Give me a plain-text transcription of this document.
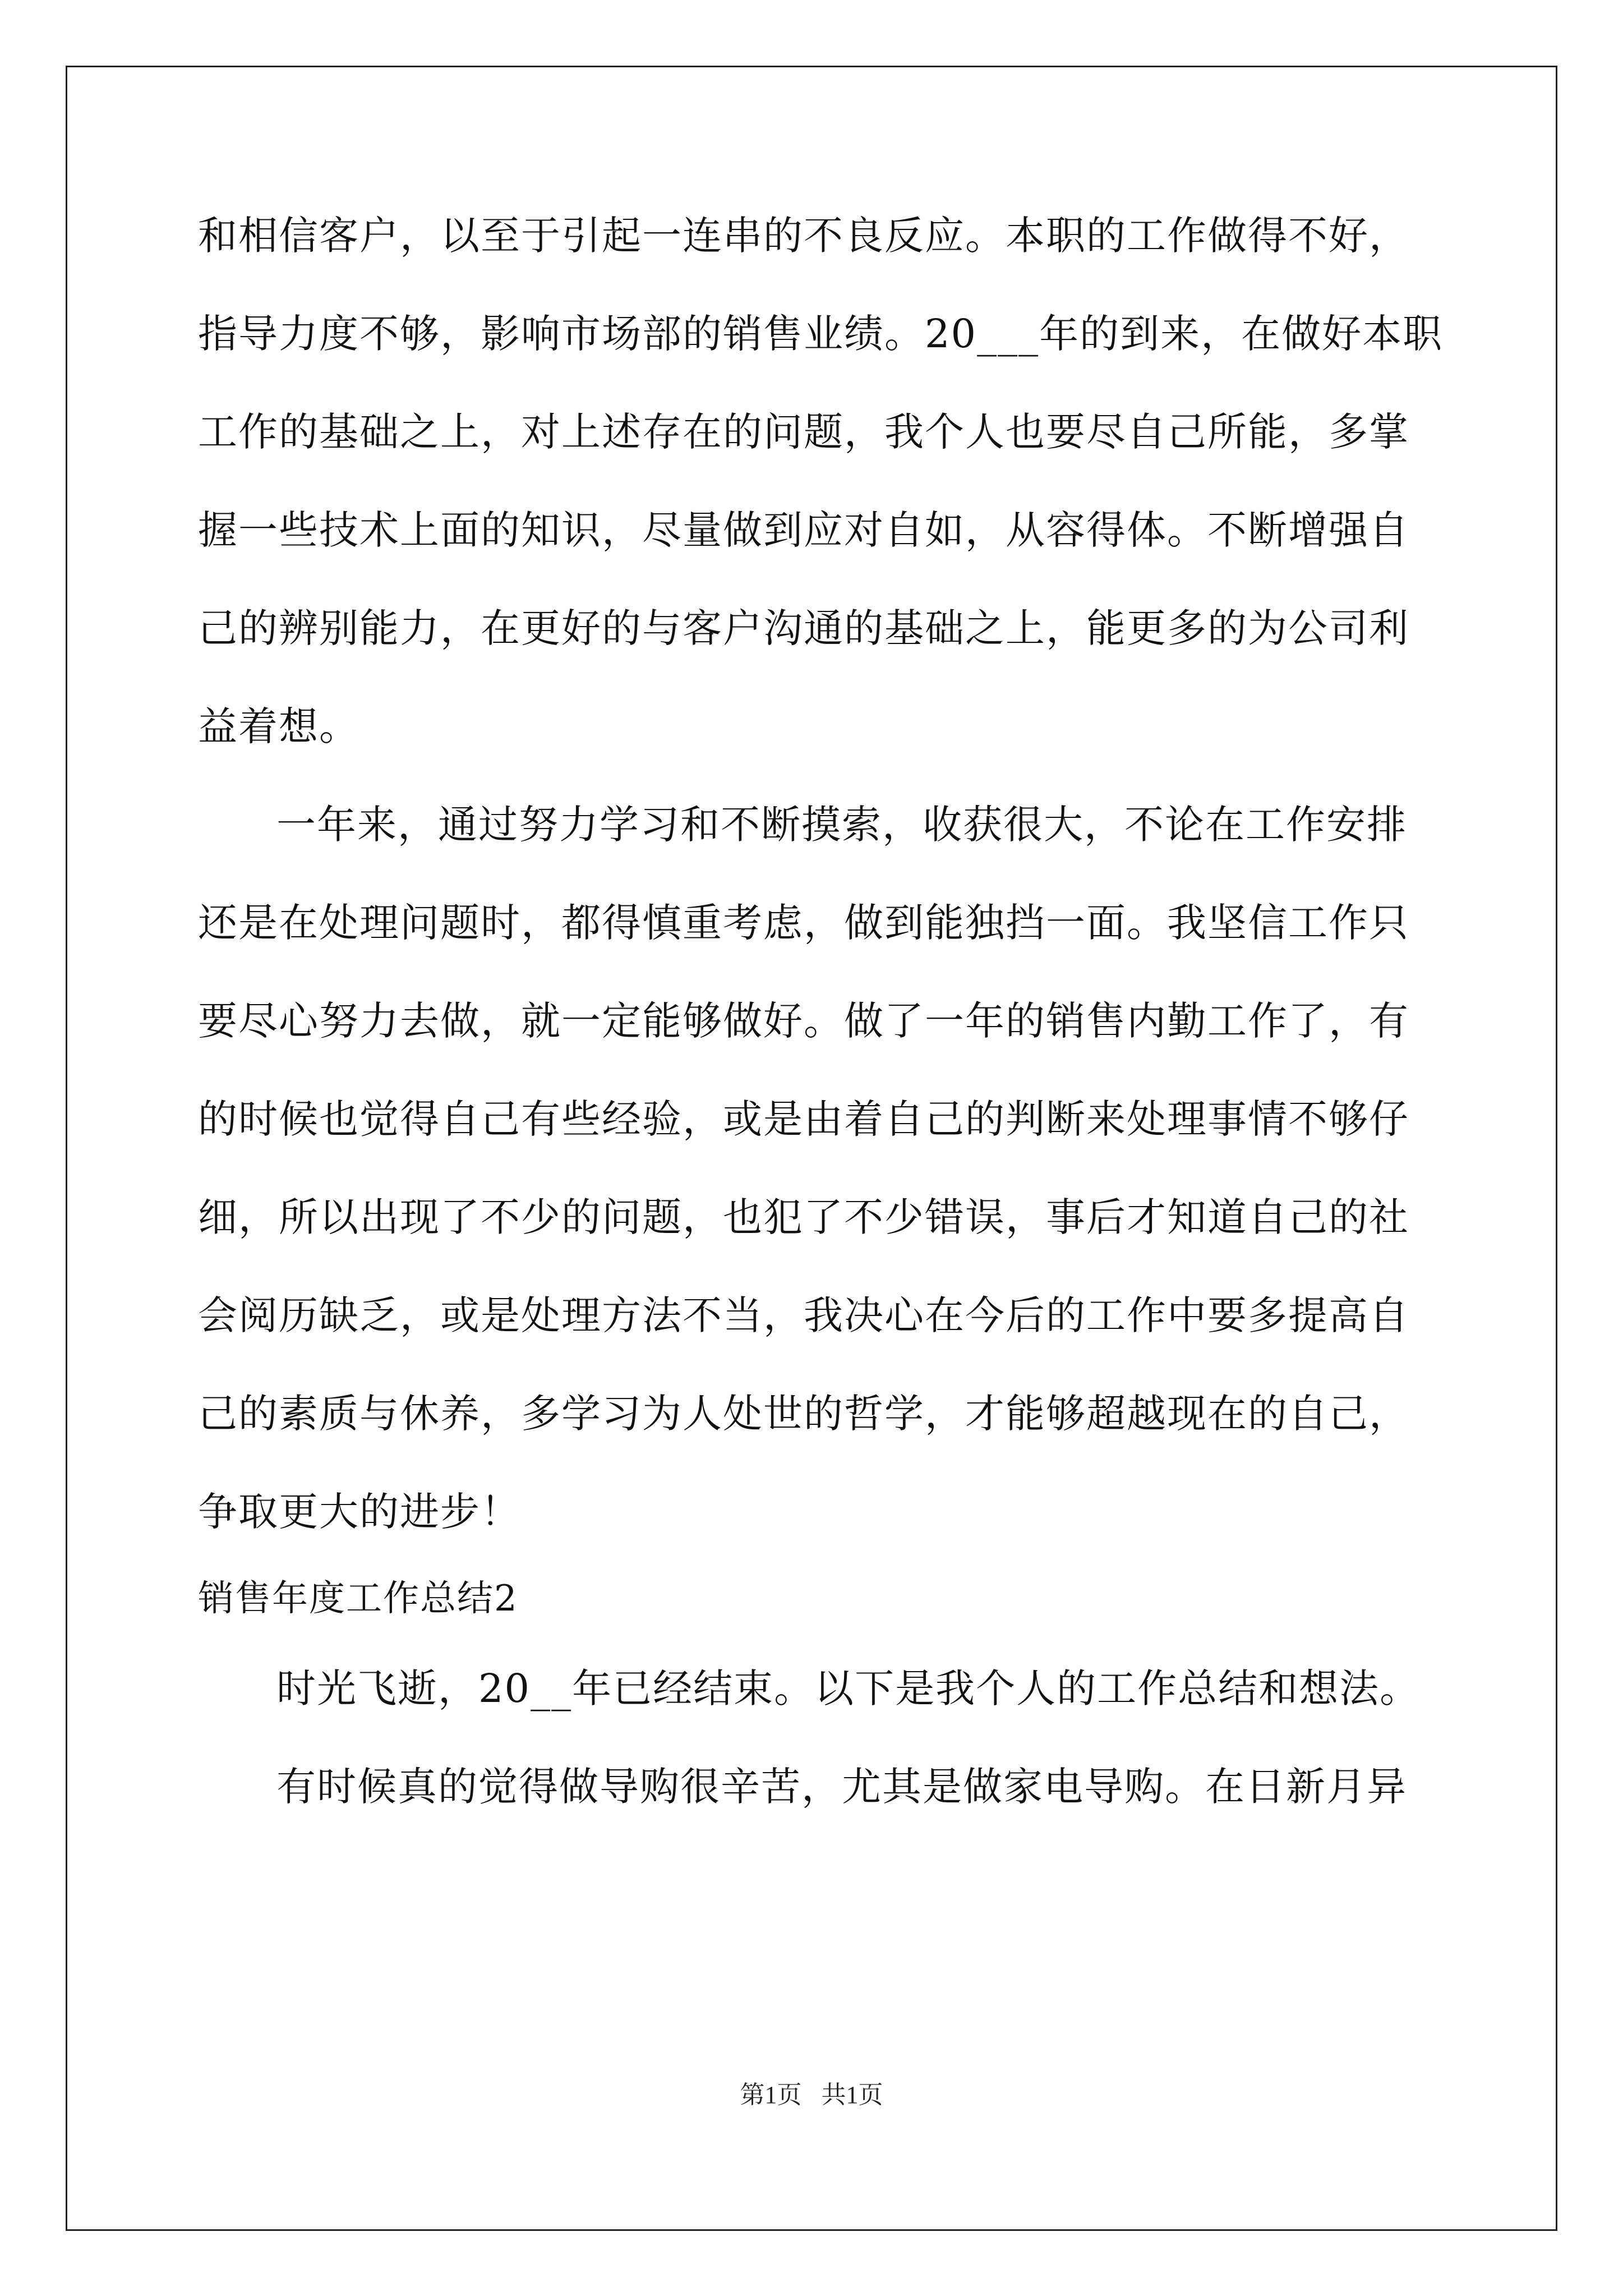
和相信客户，以至于引起一连串的不良反应。本职的工作做得不好，
指导力度不够，影响市场部的销售业绩。20___年的到来，在做好本职
工作的基础之上，对上述存在的问题，我个人也要尽自己所能，多掌
握一些技术上面的知识，尽量做到应对自如，从容得体。不断增强自
己的辨别能力，在更好的与客户沟通的基础之上，能更多的为公司利
益着想。
一年来，通过努力学习和不断摸索，收获很大，不论在工作安排
还是在处理问题时，都得慎重考虑，做到能独挡一面。我坚信工作只
要尽心努力去做，就一定能够做好。做了一年的销售内勤工作了，有
的时候也觉得自己有些经验，或是由着自己的判断来处理事情不够仔
细，所以出现了不少的问题，也犯了不少错误，事后才知道自己的社
会阅历缺乏，或是处理方法不当，我决心在今后的工作中要多提高自
己的素质与休养，多学习为人处世的哲学，才能够超越现在的自己，
争取更大的进步！
销售年度工作总结2
时光飞逝，20__年已经结束。以下是我个人的工作总结和想法。
有时候真的觉得做导购很辛苦，尤其是做家电导购。在日新月异
第1页 共1页
